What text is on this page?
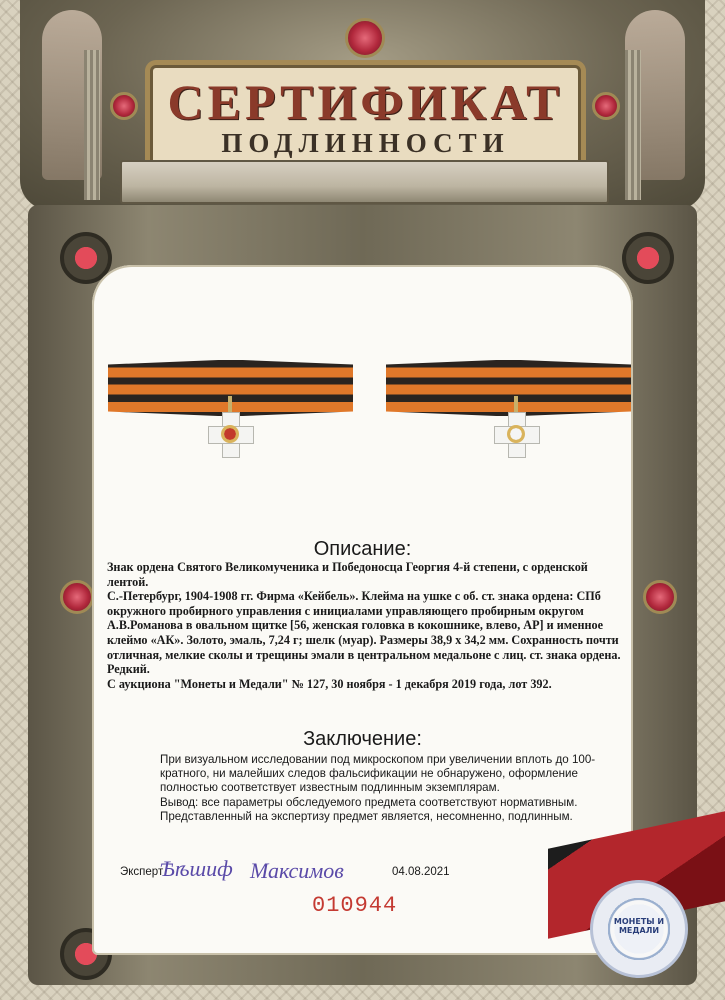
СЕРТИФИКАТ
ПОДЛИННОСТИ
Описание:

Знак ордена Святого Великомученика и Победоносца Георгия 4-й степени, с орденской лентой.

С.-Петербург, 1904-1908 гг. Фирма «Кейбель». Клейма на ушке с об. ст. знака ордена: СПб окружного пробирного управления с инициалами управляющего пробирным округом А.В.Романова в овальном щитке [56, женская головка в кокошнике, влево, АР] и именное клеймо «АК». Золото, эмаль, 7,24 г; шелк (муар). Размеры 38,9 х 34,2 мм. Сохранность почти отличная, мелкие сколы и трещины эмали в центральном медальоне с лиц. ст. знака ордена. Редкий.

С аукциона "Монеты и Медали" № 127, 30 ноября - 1 декабря 2019 года, лот 392.

Заключение:

При визуальном исследовании под микроскопом при увеличении вплоть до 100-кратного, ни малейших следов фальсификации не обнаружено, оформление полностью соответствует известным подлинным экземплярам.

Вывод: все параметры обследуемого предмета соответствуют нормативным.

Представленный на экспертизу предмет является, несомненно, подлинным.

Эксперт
Ѣѣшиф Максимов	04.08.2021
010944
МОНЕТЫ И МЕДАЛИ
